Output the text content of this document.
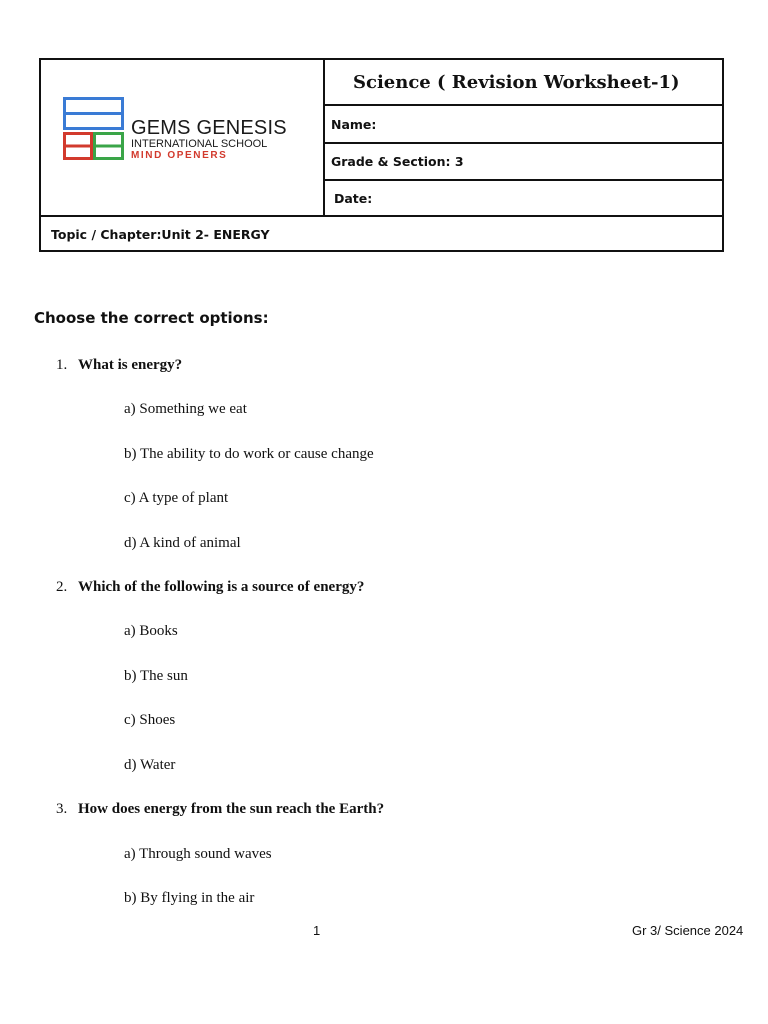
GEMS GENESIS
INTERNATIONAL SCHOOL
MIND OPENERS
Science ( Revision Worksheet-1)
Name:
Grade & Section: 3
Date:
Topic / Chapter:Unit 2- ENERGY
Choose the correct options:
1. What is energy?
a) Something we eat
b) The ability to do work or cause change
c) A type of plant
d) A kind of animal
2. Which of the following is a source of energy?
a) Books
b) The sun
c) Shoes
d) Water
3. How does energy from the sun reach the Earth?
a) Through sound waves
b) By flying in the air
1	Gr 3/ Science 2024
